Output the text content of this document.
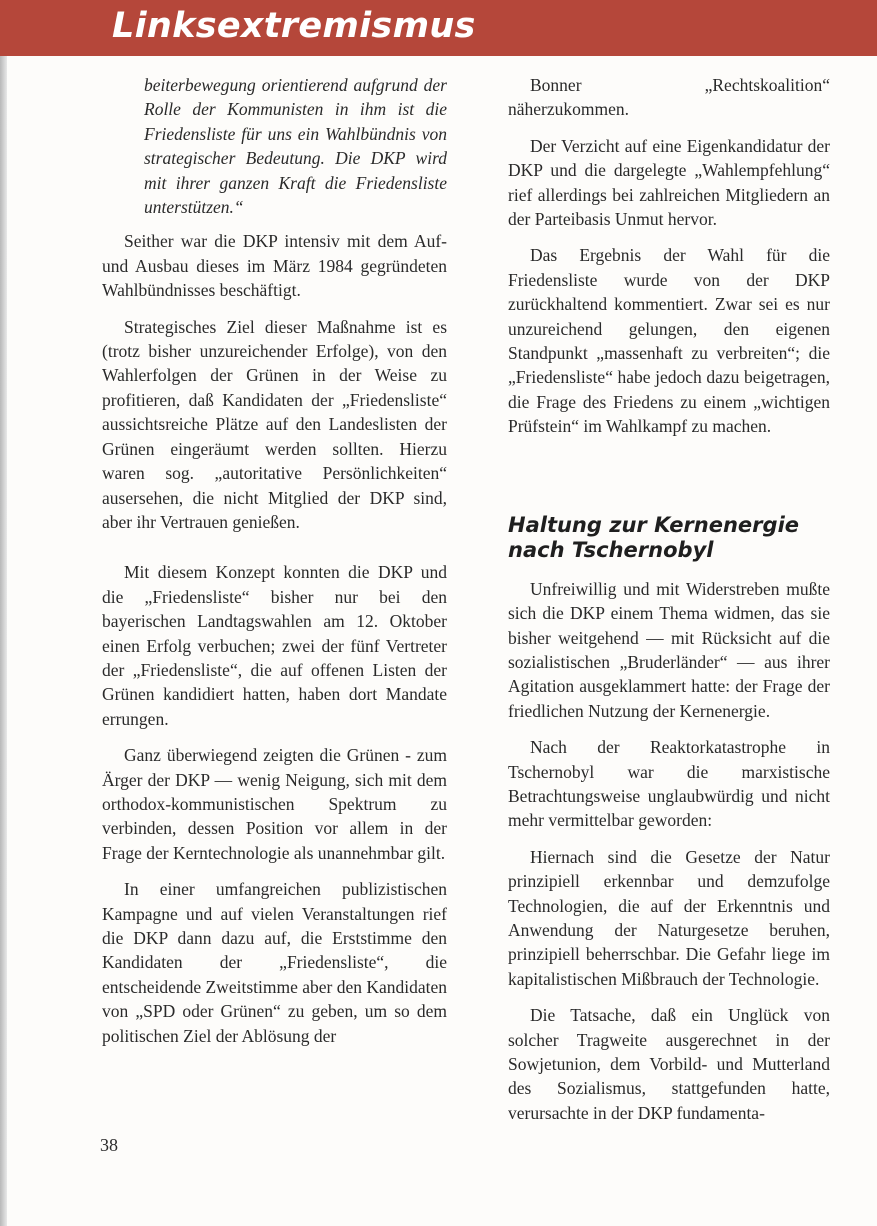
Linksextremismus

beiterbewegung orientierend aufgrund der Rolle der Kommunisten in ihm ist die Friedensliste für uns ein Wahlbündnis von strategischer Bedeutung. Die DKP wird mit ihrer ganzen Kraft die Friedensliste unterstützen.“

Seither war die DKP intensiv mit dem Auf- und Ausbau dieses im März 1984 gegründeten Wahlbündnisses beschäftigt.

Strategisches Ziel dieser Maßnahme ist es (trotz bisher unzureichender Erfolge), von den Wahlerfolgen der Grünen in der Weise zu profitieren, daß Kandidaten der „Friedensliste“ aussichtsreiche Plätze auf den Landeslisten der Grünen eingeräumt werden sollten. Hierzu waren sog. „autoritative Persönlichkeiten“ ausersehen, die nicht Mitglied der DKP sind, aber ihr Vertrauen genießen.

Mit diesem Konzept konnten die DKP und die „Friedensliste“ bisher nur bei den bayerischen Landtagswahlen am 12. Oktober einen Erfolg verbuchen; zwei der fünf Vertreter der „Friedensliste“, die auf offenen Listen der Grünen kandidiert hatten, haben dort Mandate errungen.

Ganz überwiegend zeigten die Grünen - zum Ärger der DKP — wenig Neigung, sich mit dem orthodox-kommunistischen Spektrum zu verbinden, dessen Position vor allem in der Frage der Kerntechnologie als unannehmbar gilt.

In einer umfangreichen publizistischen Kampagne und auf vielen Veranstaltungen rief die DKP dann dazu auf, die Erststimme den Kandidaten der „Friedensliste“, die entscheidende Zweitstimme aber den Kandidaten von „SPD oder Grünen“ zu geben, um so dem politischen Ziel der Ablösung der

Bonner „Rechtskoalition“ näherzukommen.

Der Verzicht auf eine Eigenkandidatur der DKP und die dargelegte „Wahlempfehlung“ rief allerdings bei zahlreichen Mitgliedern an der Parteibasis Unmut hervor.

Das Ergebnis der Wahl für die Friedensliste wurde von der DKP zurückhaltend kommentiert. Zwar sei es nur unzureichend gelungen, den eigenen Standpunkt „massenhaft zu verbreiten“; die „Friedensliste“ habe jedoch dazu beigetragen, die Frage des Friedens zu einem „wichtigen Prüfstein“ im Wahlkampf zu machen.

Haltung zur Kernenergie nach Tschernobyl

Unfreiwillig und mit Widerstreben mußte sich die DKP einem Thema widmen, das sie bisher weitgehend — mit Rücksicht auf die sozialistischen „Bruderländer“ — aus ihrer Agitation ausgeklammert hatte: der Frage der friedlichen Nutzung der Kernenergie.

Nach der Reaktorkatastrophe in Tschernobyl war die marxistische Betrachtungsweise unglaubwürdig und nicht mehr vermittelbar geworden:

Hiernach sind die Gesetze der Natur prinzipiell erkennbar und demzufolge Technologien, die auf der Erkenntnis und Anwendung der Naturgesetze beruhen, prinzipiell beherrschbar. Die Gefahr liege im kapitalistischen Mißbrauch der Technologie.

Die Tatsache, daß ein Unglück von solcher Tragweite ausgerechnet in der Sowjetunion, dem Vorbild- und Mutterland des Sozialismus, stattgefunden hatte, verursachte in der DKP fundamenta-

38
